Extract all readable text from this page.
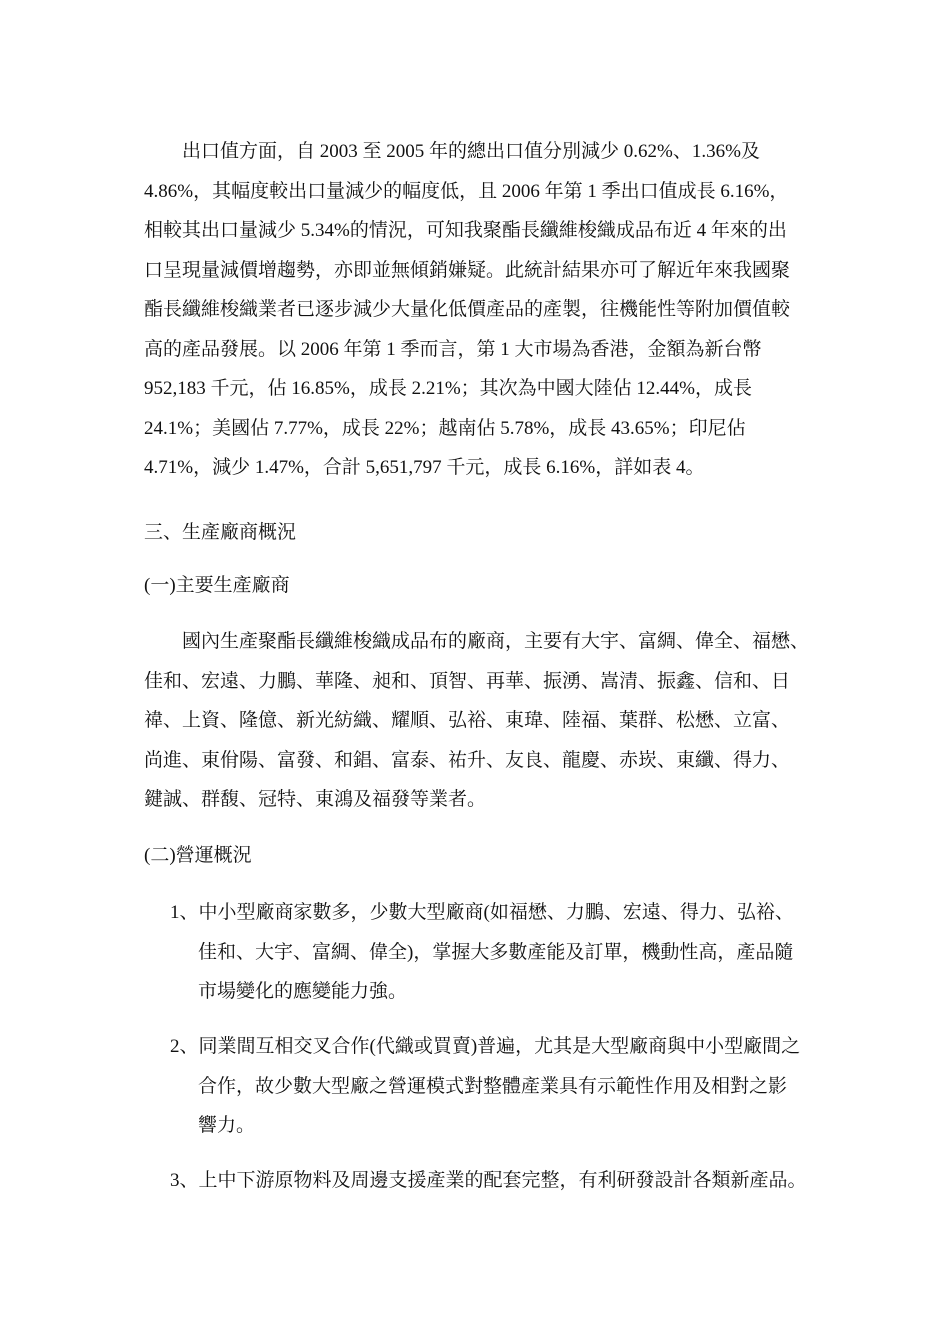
出口值方面，自 2003 至 2005 年的總出口值分別減少 0.62%、1.36%及
4.86%，其幅度較出口量減少的幅度低，且 2006 年第 1 季出口值成長 6.16%，
相較其出口量減少 5.34%的情況，可知我聚酯長纖維梭織成品布近 4 年來的出
口呈現量減價增趨勢，亦即並無傾銷嫌疑。此統計結果亦可了解近年來我國聚
酯長纖維梭織業者已逐步減少大量化低價產品的產製，往機能性等附加價值較
高的產品發展。以 2006 年第 1 季而言，第 1 大市場為香港，金額為新台幣
952,183 千元，佔 16.85%，成長 2.21%；其次為中國大陸佔 12.44%，成長
24.1%；美國佔 7.77%，成長 22%；越南佔 5.78%，成長 43.65%；印尼佔
4.71%，減少 1.47%，合計 5,651,797 千元，成長 6.16%，詳如表 4。
三、生產廠商概況
(一)主要生產廠商
國內生產聚酯長纖維梭織成品布的廠商，主要有大宇、富綢、偉全、福懋、
佳和、宏遠、力鵬、華隆、昶和、頂智、再華、振湧、嵩清、振鑫、信和、日
禕、上資、隆億、新光紡織、耀順、弘裕、東瑋、陸福、葉群、松懋、立富、
尚進、東佾陽、富發、和錩、富泰、祐升、友良、龍慶、赤崁、東纖、得力、
鍵誠、群馥、冠特、東鴻及福發等業者。
(二)營運概況
1、中小型廠商家數多，少數大型廠商(如福懋、力鵬、宏遠、得力、弘裕、
佳和、大宇、富綢、偉全)，掌握大多數產能及訂單，機動性高，產品隨
市場變化的應變能力強。
2、同業間互相交叉合作(代織或買賣)普遍，尤其是大型廠商與中小型廠間之
合作，故少數大型廠之營運模式對整體產業具有示範性作用及相對之影
響力。
3、上中下游原物料及周邊支援產業的配套完整，有利研發設計各類新產品。
